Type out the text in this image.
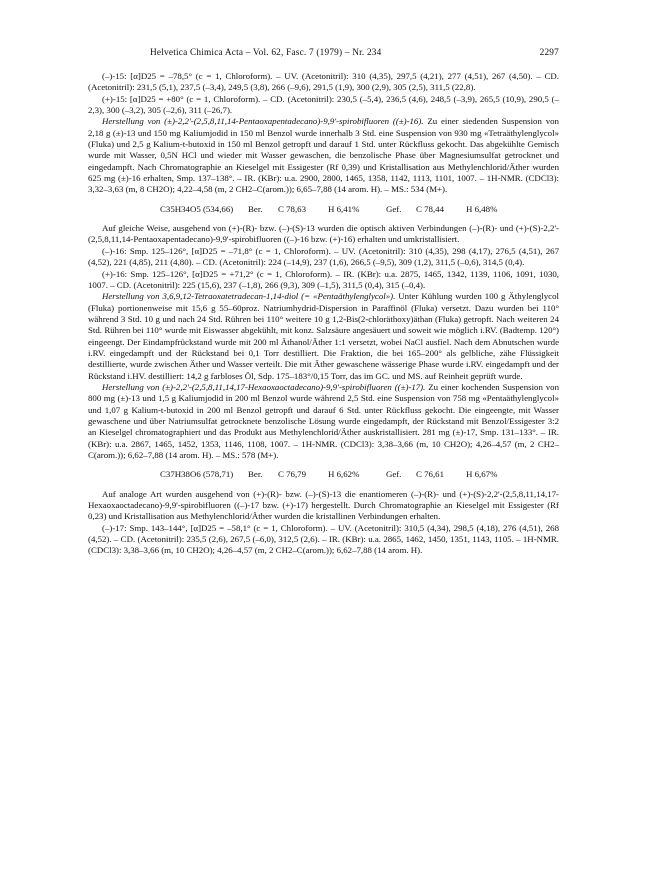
Helvetica Chimica Acta – Vol. 62, Fasc. 7 (1979) – Nr. 234	2297

(–)-15: [α]D25 = –78,5° (c = 1, Chloroform). – UV. (Acetonitril): 310 (4,35), 297,5 (4,21), 277 (4,51), 267 (4,50). – CD. (Acetonitril): 231,5 (5,1), 237,5 (–3,4), 249,5 (3,8), 266 (–9,6), 291,5 (1,9), 300 (2,9), 305 (2,5), 311,5 (22,8).

(+)-15: [α]D25 = +80° (c = 1, Chloroform). – CD. (Acetonitril): 230,5 (–5,4), 236,5 (4,6), 248,5 (–3,9), 265,5 (10,9), 290,5 (–2,3), 300 (–3,2), 305 (–2,6), 311 (–26,7).

Herstellung von (±)-2,2'-(2,5,8,11,14-Pentaoxapentadecano)-9,9'-spirobifluoren ((±)-16). Zu einer siedenden Suspension von 2,18 g (±)-13 und 150 mg Kaliumjodid in 150 ml Benzol wurde innerhalb 3 Std. eine Suspension von 930 mg «Tetraäthylenglycol» (Fluka) und 2,5 g Kalium-t-butoxid in 150 ml Benzol getropft und darauf 1 Std. unter Rückfluss gekocht. Das abgekühlte Gemisch wurde mit Wasser, 0,5N HCl und wieder mit Wasser gewaschen, die benzolische Phase über Magnesiumsulfat getrocknet und eingedampft. Nach Chromatographie an Kieselgel mit Essigester (Rf 0,39) und Kristallisation aus Methylenchlorid/Äther wurden 625 mg (±)-16 erhalten, Smp. 137–138°. – IR. (KBr): u.a. 2900, 2800, 1465, 1358, 1142, 1113, 1101, 1007. – 1H-NMR. (CDCl3): 3,32–3,63 (m, 8 CH2O); 4,22–4,58 (m, 2 CH2–C(arom.)); 6,65–7,88 (14 arom. H). – MS.: 534 (M+).

C35H34O5 (534,66) Ber. C 78,63 H 6,41%	Gef. C 78,44 H 6,48%

Auf gleiche Weise, ausgehend von (+)-(R)- bzw. (–)-(S)-13 wurden die optisch aktiven Verbindungen (–)-(R)- und (+)-(S)-2,2'-(2,5,8,11,14-Pentaoxapentadecano)-9,9'-spirobifluoren ((–)-16 bzw. (+)-16) erhalten und umkristallisiert.

(–)-16: Smp. 125–126°, [α]D25 = –71,8° (c = 1, Chloroform). – UV. (Acetonitril): 310 (4,35), 298 (4,17), 276,5 (4,51), 267 (4,52), 221 (4,85), 211 (4,80). – CD. (Acetonitril): 224 (–14,9), 237 (1,6), 266,5 (–9,5), 309 (1,2), 311,5 (–0,6), 314,5 (0,4).

(+)-16: Smp. 125–126°, [α]D25 = +71,2° (c = 1, Chloroform). – IR. (KBr): u.a. 2875, 1465, 1342, 1139, 1106, 1091, 1030, 1007. – CD. (Acetonitril): 225 (15,6), 237 (–1,8), 266 (9,3), 309 (–1,5), 311,5 (0,4), 315 (–0,4).

Herstellung von 3,6,9,12-Tetraoxatetradecan-1,14-diol (= «Pentaäthylenglycol»). Unter Kühlung wurden 100 g Äthylenglycol (Fluka) portionenweise mit 15,6 g 55–60proz. Natriumhydrid-Dispersion in Paraffinöl (Fluka) versetzt. Dazu wurden bei 110° während 3 Std. 10 g und nach 24 Std. Rühren bei 110° weitere 10 g 1,2-Bis(2-chloräthoxy)äthan (Fluka) getropft. Nach weiteren 24 Std. Rühren bei 110° wurde mit Eiswasser abgekühlt, mit konz. Salzsäure angesäuert und soweit wie möglich i.RV. (Badtemp. 120°) eingeengt. Der Eindampfrückstand wurde mit 200 ml Äthanol/Äther 1:1 versetzt, wobei NaCl ausfiel. Nach dem Abnutschen wurde i.RV. eingedampft und der Rückstand bei 0,1 Torr destilliert. Die Fraktion, die bei 165–200° als gelbliche, zähe Flüssigkeit destillierte, wurde zwischen Äther und Wasser verteilt. Die mit Äther gewaschene wässerige Phase wurde i.RV. eingedampft und der Rückstand i.HV. destilliert: 14,2 g farbloses Öl, Sdp. 175–183°/0,15 Torr, das im GC. und MS. auf Reinheit geprüft wurde.

Herstellung von (±)-2,2'-(2,5,8,11,14,17-Hexaoxaoctadecano)-9,9'-spirobifluoren ((±)-17). Zu einer kochenden Suspension von 800 mg (±)-13 und 1,5 g Kaliumjodid in 200 ml Benzol wurde während 2,5 Std. eine Suspension von 758 mg «Pentaäthylenglycol» und 1,07 g Kalium-t-butoxid in 200 ml Benzol getropft und darauf 6 Std. unter Rückfluss gekocht. Die eingeengte, mit Wasser gewaschene und über Natriumsulfat getrocknete benzolische Lösung wurde eingedampft, der Rückstand mit Benzol/Essigester 3:2 an Kieselgel chromatographiert und das Produkt aus Methylenchlorid/Äther auskristallisiert. 281 mg (±)-17, Smp. 131–133°. – IR. (KBr): u.a. 2867, 1465, 1452, 1353, 1146, 1108, 1007. – 1H-NMR. (CDCl3): 3,38–3,66 (m, 10 CH2O); 4,26–4,57 (m, 2 CH2–C(arom.)); 6,62–7,88 (14 arom. H). – MS.: 578 (M+).

C37H38O6 (578,71) Ber. C 76,79 H 6,62%	Gef. C 76,61 H 6,67%

Auf analoge Art wurden ausgehend von (+)-(R)- bzw. (–)-(S)-13 die enantiomeren (–)-(R)- und (+)-(S)-2,2'-(2,5,8,11,14,17-Hexaoxaoctadecano)-9,9'-spirobifluoren ((–)-17 bzw. (+)-17) hergestellt. Durch Chromatographie an Kieselgel mit Essigester (Rf 0,23) und Kristallisation aus Methylenchlorid/Äther wurden die kristallinen Verbindungen erhalten.

(–)-17: Smp. 143–144°, [α]D25 = –58,1° (c = 1, Chloroform). – UV. (Acetonitril): 310,5 (4,34), 298,5 (4,18), 276 (4,51), 268 (4,52). – CD. (Acetonitril): 235,5 (2,6), 267,5 (–6,0), 312,5 (2,6). – IR. (KBr): u.a. 2865, 1462, 1450, 1351, 1143, 1105. – 1H-NMR. (CDCl3): 3,38–3,66 (m, 10 CH2O); 4,26–4,57 (m, 2 CH2–C(arom.)); 6,62–7,88 (14 arom. H).
